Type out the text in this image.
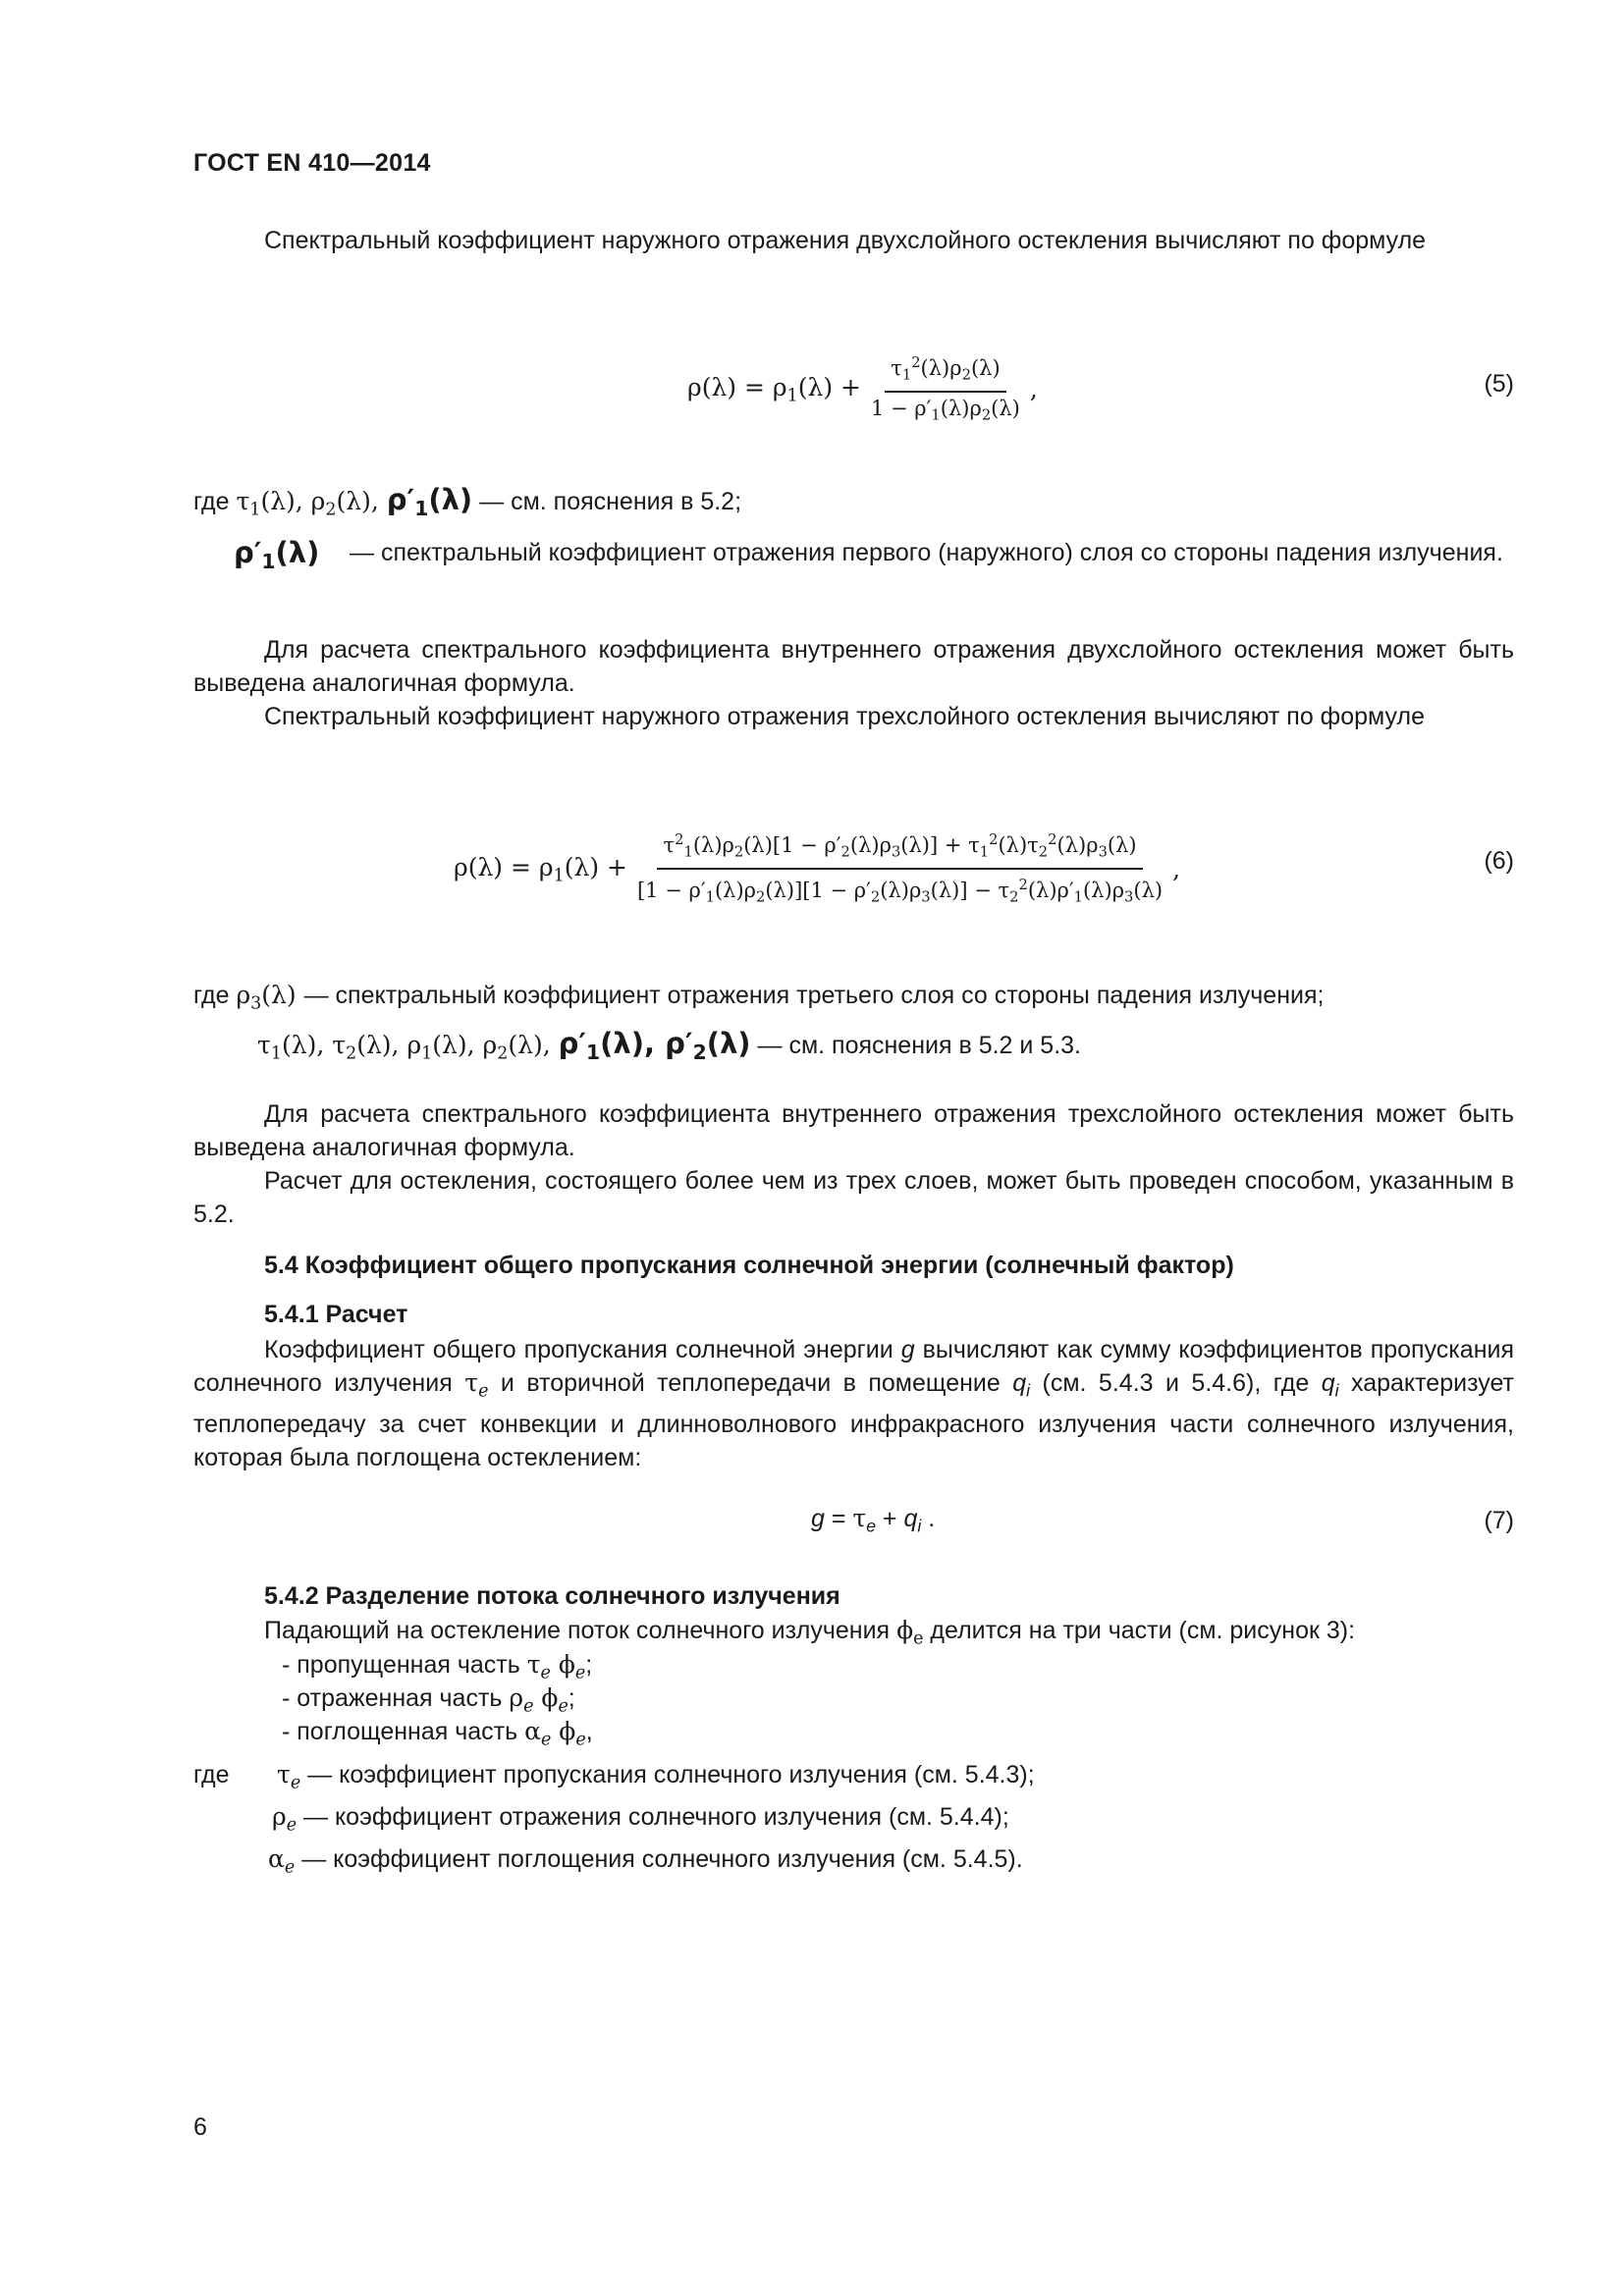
ГОСТ EN 410—2014
Спектральный коэффициент наружного отражения двухслойного остекления вычисляют по формуле
$\rho(\lambda) = \rho_1(\lambda) + \frac{\tau_1^2(\lambda)\rho_2(\lambda)}{1 - \rho'_1(\lambda)\rho_2(\lambda)}$ ,	(5)
где $\tau_1(\lambda)$, $\rho_2(\lambda)$, $\rho'_1(\lambda)$ — см. пояснения в 5.2;
$\rho'_1(\lambda)$ — спектральный коэффициент отражения первого (наружного) слоя со стороны падения излучения.
Для расчета спектрального коэффициента внутреннего отражения двухслойного остекления может быть выведена аналогичная формула.
Спектральный коэффициент наружного отражения трехслойного остекления вычисляют по формуле
$\rho(\lambda) = \rho_1(\lambda) + \frac{\tau^2_1(\lambda)\rho_2(\lambda)[1 - \rho'_2(\lambda)\rho_3(\lambda)] + \tau_1^2(\lambda)\tau_2^2(\lambda)\rho_3(\lambda)}{[1 - \rho'_1(\lambda)\rho_2(\lambda)][1 - \rho'_2(\lambda)\rho_3(\lambda)] - \tau_2^2(\lambda)\rho'_1(\lambda)\rho_3(\lambda)}$ ,	(6)
где $\rho_3(\lambda)$ — спектральный коэффициент отражения третьего слоя со стороны падения излучения;
$\tau_1(\lambda)$, $\tau_2(\lambda)$, $\rho_1(\lambda)$, $\rho_2(\lambda)$, $\rho'_1(\lambda)$, $\rho'_2(\lambda)$ — см. пояснения в 5.2 и 5.3.
Для расчета спектрального коэффициента внутреннего отражения трехслойного остекления может быть выведена аналогичная формула.
Расчет для остекления, состоящего более чем из трех слоев, может быть проведен способом, указанным в 5.2.
5.4 Коэффициент общего пропускания солнечной энергии (солнечный фактор)
5.4.1 Расчет
Коэффициент общего пропускания солнечной энергии g вычисляют как сумму коэффициентов пропускания солнечного излучения $\tau_e$ и вторичной теплопередачи в помещение $q_i$ (см. 5.4.3 и 5.4.6), где $q_i$ характеризует теплопередачу за счет конвекции и длинноволнового инфракрасного излучения части солнечного излучения, которая была поглощена остеклением:
$g = \tau_e + q_i$ .	(7)
5.4.2 Разделение потока солнечного излучения
Падающий на остекление поток солнечного излучения $\phi_e$ делится на три части (см. рисунок 3):
- пропущенная часть $\tau_e$ $\phi_e$;
- отраженная часть $\rho_e$ $\phi_e$;
- поглощенная часть $\alpha_e$ $\phi_e$,
где $\tau_e$ — коэффициент пропускания солнечного излучения (см. 5.4.3);
$\rho_e$ — коэффициент отражения солнечного излучения (см. 5.4.4);
$\alpha_e$ — коэффициент поглощения солнечного излучения (см. 5.4.5).
6
